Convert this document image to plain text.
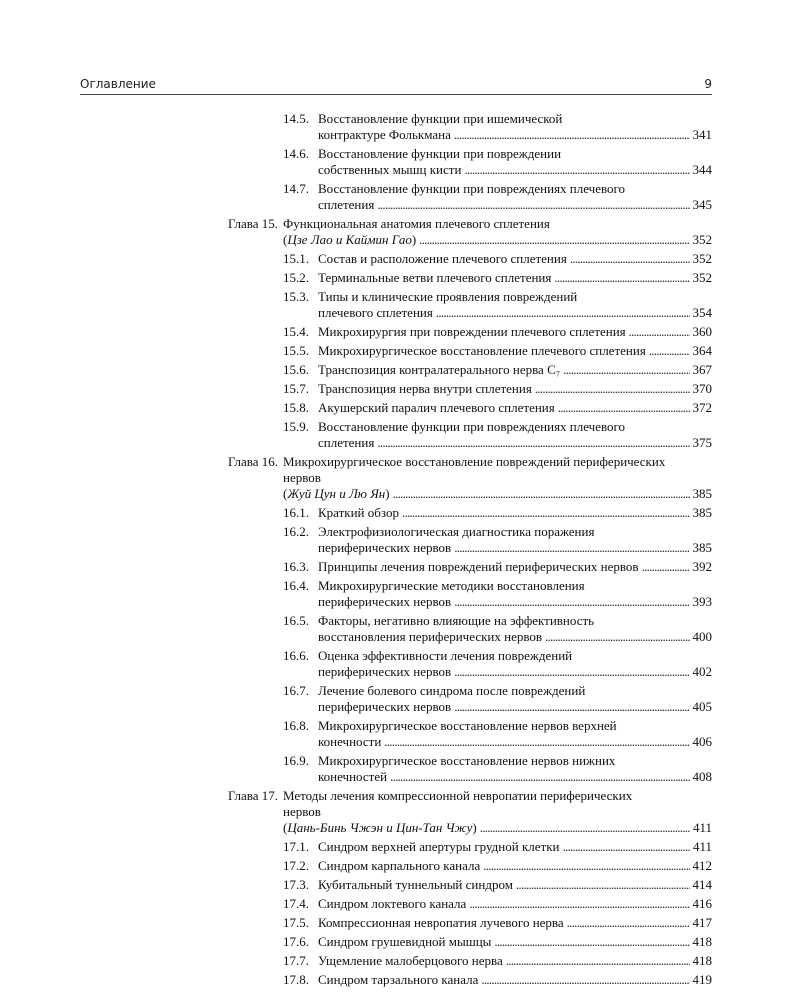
Оглавление	9
14.5. Восстановление функции при ишемической
контрактуре Фолькмана . . .	341
14.6. Восстановление функции при повреждении
собственных мышц кисти . . .	344
14.7. Восстановление функции при повреждениях плечевого
сплетения . . .	345
Глава 15. Функциональная анатомия плечевого сплетения
(Цзе Лао и Каймин Гао) . . .	352
15.1. Состав и расположение плечевого сплетения . . .	352
15.2. Терминальные ветви плечевого сплетения . . .	352
15.3. Типы и клинические проявления повреждений
плечевого сплетения . . .	354
15.4. Микрохирургия при повреждении плечевого сплетения . . .	360
15.5. Микрохирургическое восстановление плечевого сплетения . . .	364
15.6. Транспозиция контралатерального нерва C₇ . . .	367
15.7. Транспозиция нерва внутри сплетения . . .	370
15.8. Акушерский паралич плечевого сплетения . . .	372
15.9. Восстановление функции при повреждениях плечевого
сплетения . . .	375
Глава 16. Микрохирургическое восстановление повреждений периферических
нервов
(Жуй Цун и Лю Ян) . . .	385
16.1. Краткий обзор . . .	385
16.2. Электрофизиологическая диагностика поражения
периферических нервов . . .	385
16.3. Принципы лечения повреждений периферических нервов . . .	392
16.4. Микрохирургические методики восстановления
периферических нервов . . .	393
16.5. Факторы, негативно влияющие на эффективность
восстановления периферических нервов . . .	400
16.6. Оценка эффективности лечения повреждений
периферических нервов . . .	402
16.7. Лечение болевого синдрома после повреждений
периферических нервов . . .	405
16.8. Микрохирургическое восстановление нервов верхней
конечности . . .	406
16.9. Микрохирургическое восстановление нервов нижних
конечностей . . .	408
Глава 17. Методы лечения компрессионной невропатии периферических
нервов
(Цань-Бинь Чжэн и Цин-Тан Чжу) . . .	411
17.1. Синдром верхней апертуры грудной клетки . . .	411
17.2. Синдром карпального канала . . .	412
17.3. Кубитальный туннельный синдром . . .	414
17.4. Синдром локтевого канала . . .	416
17.5. Компрессионная невропатия лучевого нерва . . .	417
17.6. Синдром грушевидной мышцы . . .	418
17.7. Ущемление малоберцового нерва . . .	418
17.8. Синдром тарзального канала . . .	419
